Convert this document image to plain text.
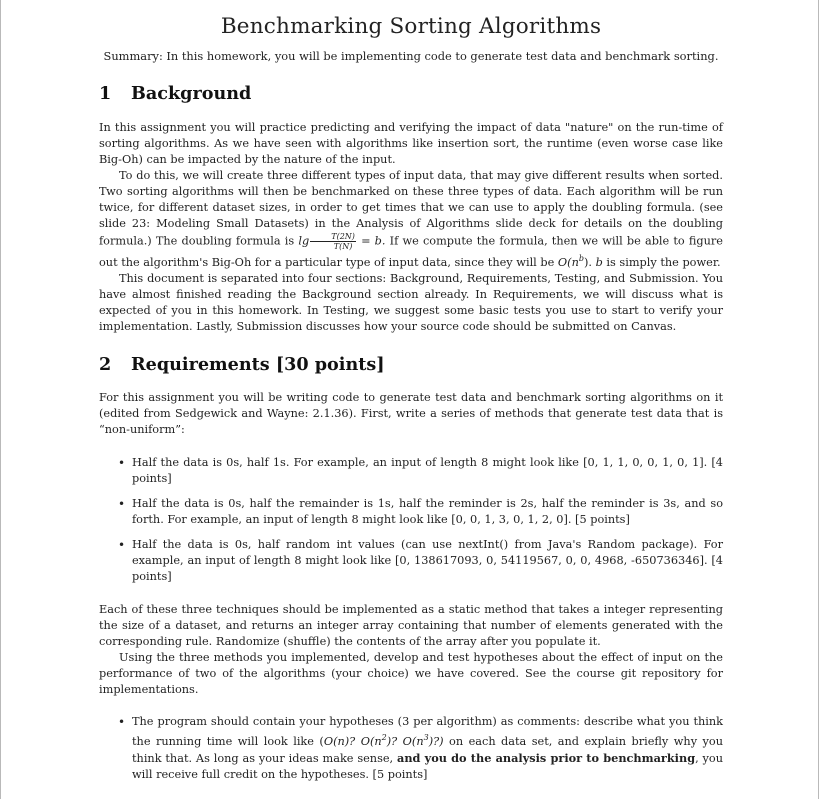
Benchmarking Sorting Algorithms
Summary: In this homework, you will be implementing code to generate test data and benchmark sorting.
1 Background

In this assignment you will practice predicting and verifying the impact of data "nature" on the run-time of sorting algorithms. As we have seen with algorithms like insertion sort, the runtime (even worse case like Big-Oh) can be impacted by the nature of the input.

To do this, we will create three different types of input data, that may give different results when sorted. Two sorting algorithms will then be benchmarked on these three types of data. Each algorithm will be run twice, for different dataset sizes, in order to get times that we can use to apply the doubling formula. (see slide 23: Modeling Small Datasets) in the Analysis of Algorithms slide deck for details on the doubling formula.) The doubling formula is $\lg \frac{T(2N)}{T(N)} = b$. If we compute the formula, then we will be able to figure out the algorithm's Big-Oh for a particular type of input data, since they will be $O(n^b)$. b is simply the power.

This document is separated into four sections: Background, Requirements, Testing, and Submission. You have almost finished reading the Background section already. In Requirements, we will discuss what is expected of you in this homework. In Testing, we suggest some basic tests you use to start to verify your implementation. Lastly, Submission discusses how your source code should be submitted on Canvas.

2 Requirements [30 points]

For this assignment you will be writing code to generate test data and benchmark sorting algorithms on it (edited from Sedgewick and Wayne: 2.1.36). First, write a series of methods that generate test data that is “non-uniform”:

• Half the data is 0s, half 1s. For example, an input of length 8 might look like [0, 1, 1, 0, 0, 1, 0, 1]. [4 points]
• Half the data is 0s, half the remainder is 1s, half the reminder is 2s, half the reminder is 3s, and so forth. For example, an input of length 8 might look like [0, 0, 1, 3, 0, 1, 2, 0]. [5 points]
• Half the data is 0s, half random int values (can use nextInt() from Java's Random package). For example, an input of length 8 might look like [0, 138617093, 0, 54119567, 0, 0, 4968, -650736346]. [4 points]

Each of these three techniques should be implemented as a static method that takes a integer representing the size of a dataset, and returns an integer array containing that number of elements generated with the corresponding rule. Randomize (shuffle) the contents of the array after you populate it.

Using the three methods you implemented, develop and test hypotheses about the effect of input on the performance of two of the algorithms (your choice) we have covered. See the course git repository for implementations.

• The program should contain your hypotheses (3 per algorithm) as comments: describe what you think the running time will look like (O(n)? $O(n^2)$? $O(n^3)$?) on each data set, and explain briefly why you think that. As long as your ideas make sense, and you do the analysis prior to benchmarking, you will receive full credit on the hypotheses. [5 points]
